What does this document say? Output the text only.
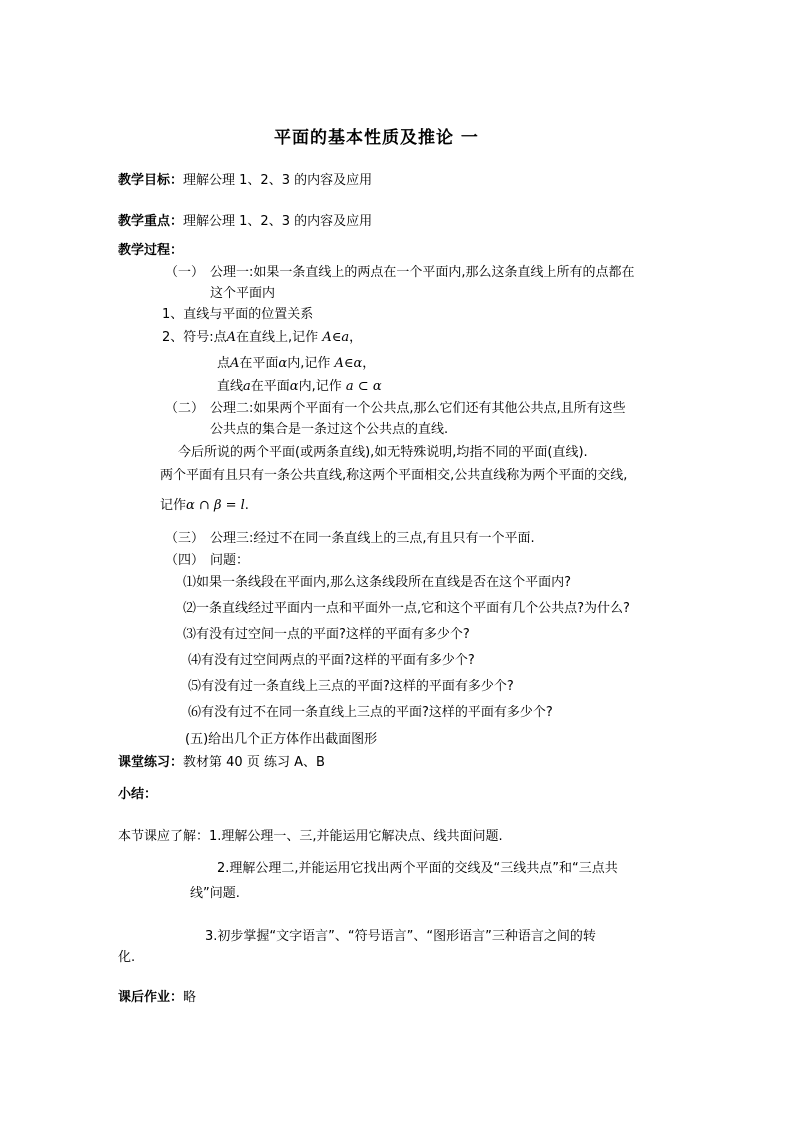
平面的基本性质及推论 一
教学目标：理解公理 1、2、3 的内容及应用
教学重点：理解公理 1、2、3 的内容及应用
教学过程：
（一） 公理一:如果一条直线上的两点在一个平面内,那么这条直线上所有的点都在
这个平面内
1、直线与平面的位置关系
2、符号:点A在直线上,记作 A∈a，
点A在平面α内,记作 A∈α，
直线a在平面α内,记作 a ⊂ α
（二） 公理二:如果两个平面有一个公共点,那么它们还有其他公共点,且所有这些
公共点的集合是一条过这个公共点的直线.
今后所说的两个平面(或两条直线),如无特殊说明,均指不同的平面(直线).
两个平面有且只有一条公共直线,称这两个平面相交,公共直线称为两个平面的交线,
记作α ∩ β = l.
（三） 公理三:经过不在同一条直线上的三点,有且只有一个平面.
（四） 问题：
⑴如果一条线段在平面内,那么这条线段所在直线是否在这个平面内?
⑵一条直线经过平面内一点和平面外一点,它和这个平面有几个公共点?为什么?
⑶有没有过空间一点的平面?这样的平面有多少个?
⑷有没有过空间两点的平面?这样的平面有多少个?
⑸有没有过一条直线上三点的平面?这样的平面有多少个?
⑹有没有过不在同一条直线上三点的平面?这样的平面有多少个?
(五)给出几个正方体作出截面图形
课堂练习：教材第 40 页 练习 A、B
小结：
本节课应了解：1.理解公理一、三,并能运用它解决点、线共面问题.
2.理解公理二,并能运用它找出两个平面的交线及“三线共点”和“三点共
线”问题.
3.初步掌握“文字语言”、“符号语言”、“图形语言”三种语言之间的转
化.
课后作业：略
